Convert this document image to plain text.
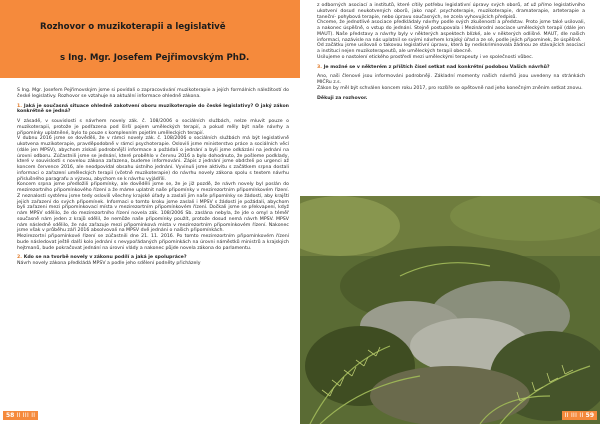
Rozhovor o muzikoterapii a legislativě
s Ing. Mgr. Josefem Pejřimovským PhD.

S Ing. Mgr. Josefem Pejřimovským jsme si povídali o zapracovávání muzikoterapie a jejích formálních náležitostí do české legislativy. Rozhovor se vztahuje na aktuální informace ohledně zákona.

1. Jaká je současná situace ohledně zakotvení oboru muzikoterapie do české legislativy? O jaký zákon konkrétně se jedná?

V zásadě, v souvislosti s návrhem novely zák. č. 108/2006 o sociálních službách, nelze mluvit pouze o muzikoterapii, protože je podřazena pod širší pojem uměleckých terapií, a pokud měly být naše návrhy a připomínky uplatněné, bylo to pouze s komplexním pojetím uměleckých terapií.

V dubnu 2016 jsme se dověděli, že v rámci novely zák. č. 108/2006 o sociálních službách má být legislativně ukotvena muzikoterapie, pravděpodobně v rámci psychoterapie. Oslovili jsme ministerstvo práce a sociálních věcí (dále jen MPSV), abychom získali podrobnější informace a požádali o jednání a byli jsme odkázáni na jednání na úrovni odboru. Zúčastnili jsme se jednání, které proběhlo v červnu 2016 a bylo dohodnuto, že pošleme podklady, které v souvislosti s novelou zákona zařazena, budeme informováni. Zápis z jednání jsme obdrželi po urgenci až koncem července 2016, ale neodpovídal obsahu ústního jednání. Vyvinuli jsme aktivitu s začátkem srpna dostali informaci o zařazení uměleckých terapií (včetně muzikoterapie) do návrhu novely zákona spolu s textem návrhu příslušného paragrafu a výzvou, abychom se k návrhu vyjádřili.

Koncem srpna jsme předložili připomínky, ale dověděli jsme se, že je již pozdě, že návrh novely byl poslán do mezirezortního připomínkového řízení a že máme uplatnit naše připomínky v mezirezortním připomínkovém řízení. Z neznalosti systému jsme tedy oslovili všechny krajské úřady a zaslali jim naše připomínky se žádostí, aby krajští jejich zařazení do svých připomínek. Informaci o tomto kroku jsme zaslali i MPSV s žádostí je požádali, abychom byli zařazeni mezi připomínkovací místa v mezirezortním připomínkovém řízení. Dočkali jsme se překvapení, když nám MPSV sdělilo, že do mezirezortního řízení novela zák. 108/2006 Sb. zaslána nebyla, že jde o omyl a téměř současně nám jeden z krajů sdělil, že nemůže naše připomínky použít, protože dosud nemá návrh MPSV. MPSV nám následně sdělilo, že nás zařazuje mezi připomínková místa v mezirezortním připomínkovém řízení. Nakonec jsme však v průběhu září 2016 absolvovali na MPSV dvě jednání o našich připomínkách.

Mezirezortní připomínkové řízení se zúčastnili dne 21. 11. 2016. Po tomto mezirezortním připomínkovém řízení bude následovat ještě další kolo jednání s nevypořádaných připomínkách na úrovni náměstků ministrů a krajských hejtmanů, bude pokračovat jednání na úrovni vlády a nakonec půjde novela zákona do parlamentu.

2. Kdo se na tvorbě novely v zákonu podílí a jaká je spolupráce?

Návrh novely zákona předkládá MPSV a podle jeho sdělení podněty přicházely

z odborných asociací a institutů, které cítily potřebu legislativní úpravy svých oborů, ať už přímo legislativního ukotvení dosud neukotvených oborů, jako např. psychoterapie, muzikoterapie, dramaterapie, arteterapie a taneční- pohybová terapie, nebo úpravu současných, ne zcela vyhovujících předpisů.

Chceme, že jednotlivé asociace předkládaly návrhy podle svých zkušeností a představ. Proto jsme také usilovali, a nakonec úspěšně, o vstup do jednání. Stejně postupovala i Mezinárodní asociace uměleckých terapií (dále jen MAUT). Naše představy a návrhy byly v některých aspektech blízké, ale v některých odlišné. MAUT, dle našich informací, nazávisle na nás uplatnil se svými návrhem krajský úřad a ze sé, podle jejich připomínek, že úspěšně.

Od začátku jsme usilovali o takovou legislativní úpravu, která by nediskriminovala žádnou ze stávajících asociací a institucí nejen muzikoterapeutů, ale uměleckých terapií obecně.

Usilujeme o nastolení etického prostředí mezi uměleckými terapeuty i ve společnosti vůbec.

3. Je možné se v některém z příštích čísel setkat nad konkrétní podobou Vašich návrhů?

Ano, naši členové jsou informováni podrobněji. Základní momenty našich návrhů jsou uvedeny na stránkách MIČRu z.s.

Zákon by měl být schválen koncem roku 2017, pro rozšíře se opětovně nad jeho konečným zněním setkat znovu.

Děkuji za rozhovor.

58 II III II	II III II 59
